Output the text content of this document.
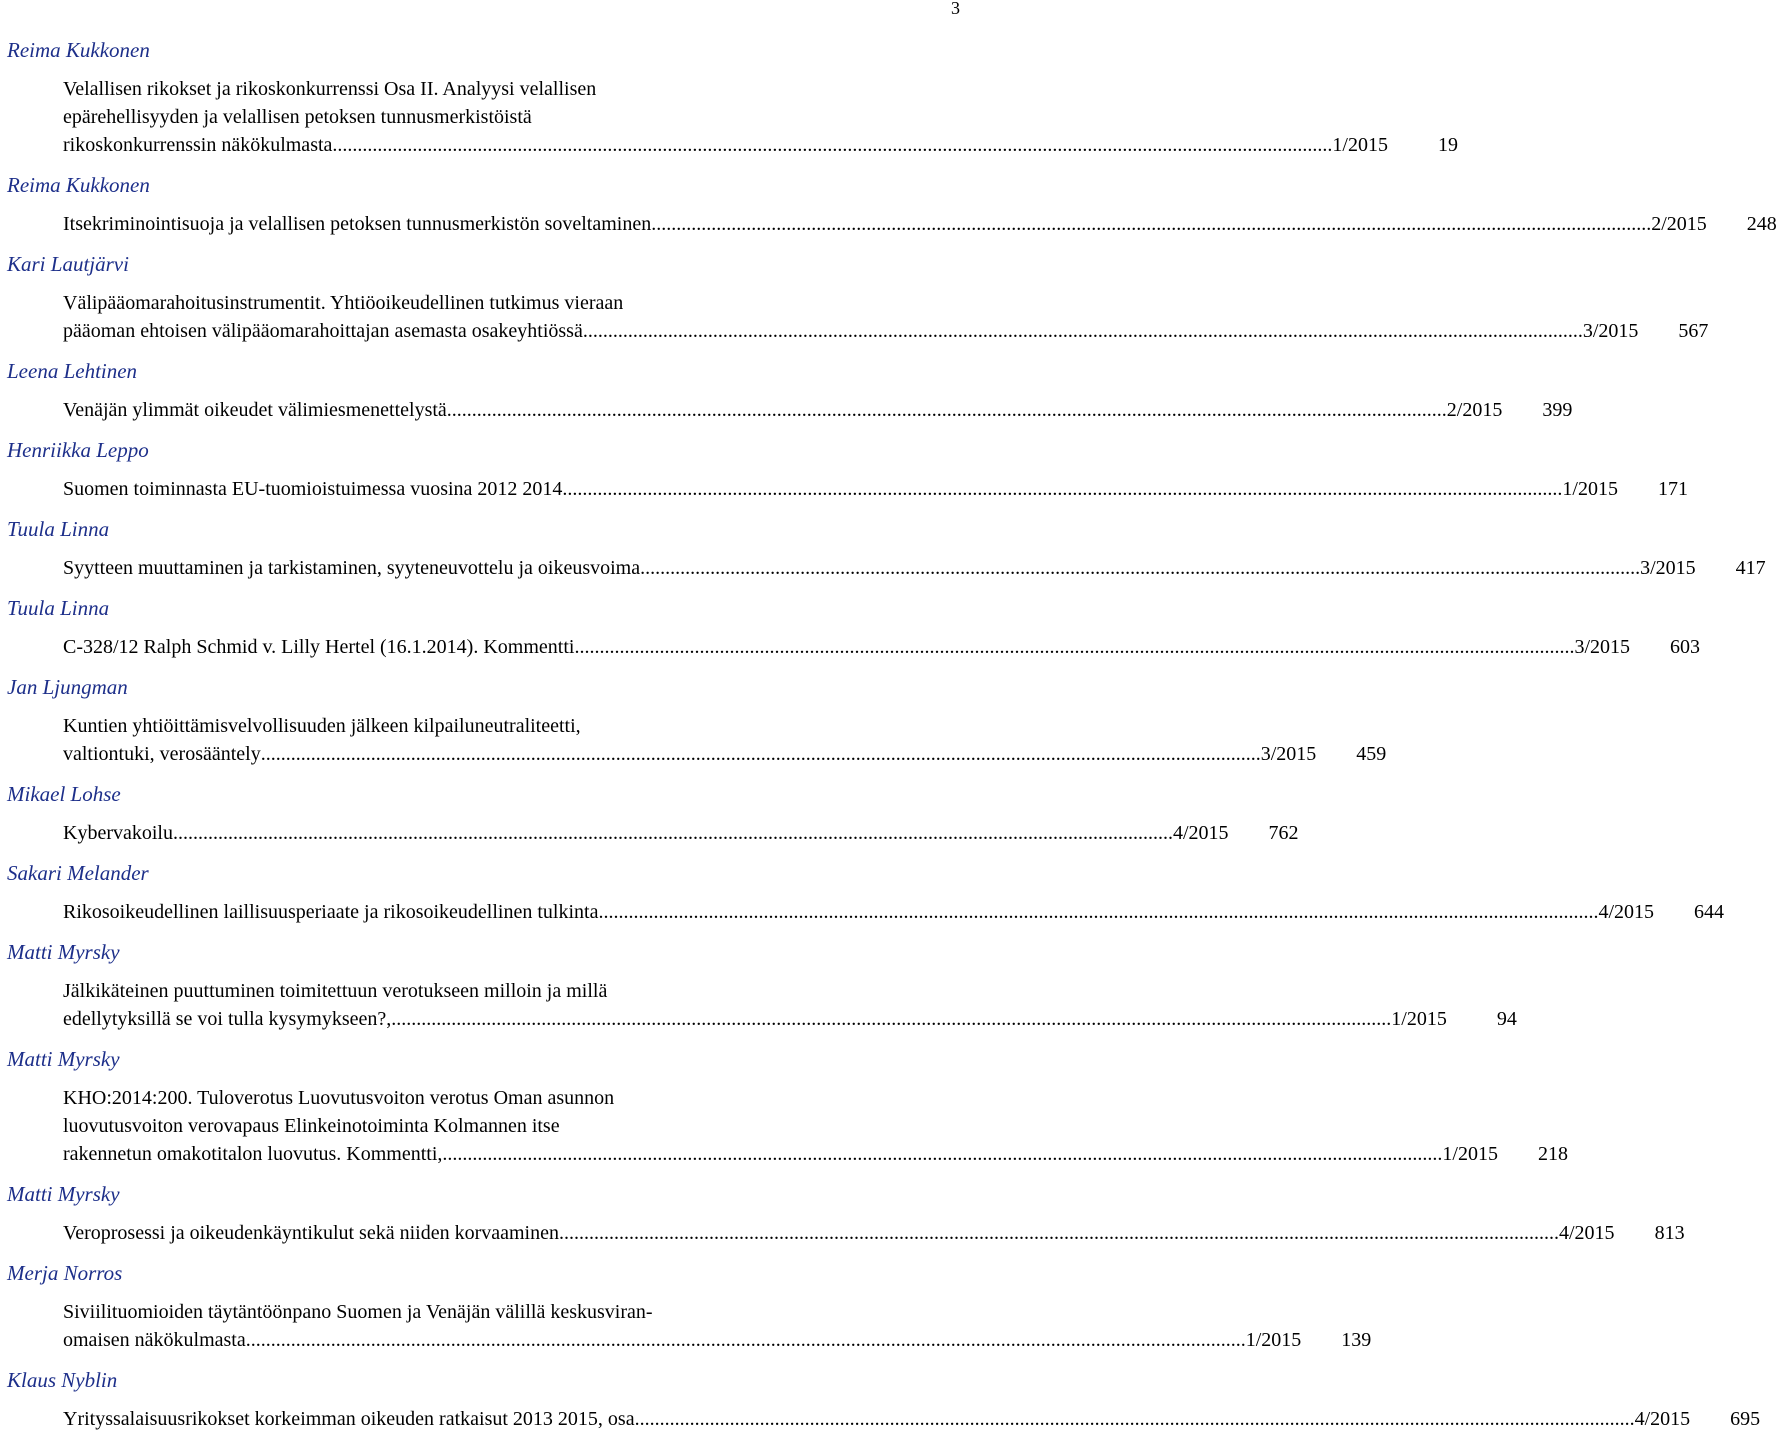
3
Reima Kukkonen
Velallisen rikokset ja rikoskonkurrenssi Osa II. Analyysi velallisen
epärehellisyyden ja velallisen petoksen tunnusmerkistöistä
rikoskonkurrenssin näkökulmasta ........................................................................................................................................................................................................ 1/2015	19
Reima Kukkonen
Itsekriminointisuoja ja velallisen petoksen tunnusmerkistön soveltaminen ........................................................................................................................................................................................................ 2/2015	248
Kari Lautjärvi
Välipääomarahoitusinstrumentit. Yhtiöoikeudellinen tutkimus vieraan
pääoman ehtoisen välipääomarahoittajan asemasta osakeyhtiössä ........................................................................................................................................................................................................ 3/2015	567
Leena Lehtinen
Venäjän ylimmät oikeudet välimiesmenettelystä ........................................................................................................................................................................................................ 2/2015	399
Henriikka Leppo
Suomen toiminnasta EU-tuomioistuimessa vuosina 2012 2014 ........................................................................................................................................................................................................ 1/2015	171
Tuula Linna
Syytteen muuttaminen ja tarkistaminen, syyteneuvottelu ja oikeusvoima ........................................................................................................................................................................................................ 3/2015	417
Tuula Linna
C-328/12 Ralph Schmid v. Lilly Hertel (16.1.2014). Kommentti ........................................................................................................................................................................................................ 3/2015	603
Jan Ljungman
Kuntien yhtiöittämisvelvollisuuden jälkeen kilpailuneutraliteetti,
valtiontuki, verosääntely ........................................................................................................................................................................................................ 3/2015	459
Mikael Lohse
Kybervakoilu ........................................................................................................................................................................................................ 4/2015	762
Sakari Melander
Rikosoikeudellinen laillisuusperiaate ja rikosoikeudellinen tulkinta ........................................................................................................................................................................................................ 4/2015	644
Matti Myrsky
Jälkikäteinen puuttuminen toimitettuun verotukseen milloin ja millä
edellytyksillä se voi tulla kysymykseen?, ........................................................................................................................................................................................................ 1/2015	94
Matti Myrsky
KHO:2014:200. Tuloverotus Luovutusvoiton verotus Oman asunnon
luovutusvoiton verovapaus Elinkeinotoiminta Kolmannen itse
rakennetun omakotitalon luovutus. Kommentti, ........................................................................................................................................................................................................ 1/2015	218
Matti Myrsky
Veroprosessi ja oikeudenkäyntikulut sekä niiden korvaaminen ........................................................................................................................................................................................................ 4/2015	813
Merja Norros
Siviilituomioiden täytäntöönpano Suomen ja Venäjän välillä keskusviran-
omaisen näkökulmasta ........................................................................................................................................................................................................ 1/2015	139
Klaus Nyblin
Yrityssalaisuusrikokset korkeimman oikeuden ratkaisut 2013 2015, osa ........................................................................................................................................................................................................ 4/2015	695
